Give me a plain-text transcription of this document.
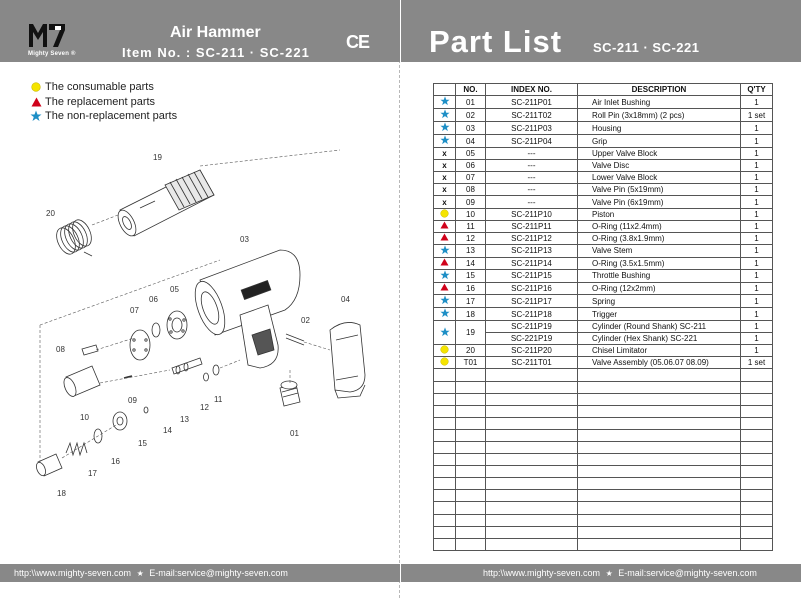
Mighty Seven ®
Air Hammer
Item No. : SC-211 · SC-221
CE
The consumable parts
The replacement parts
The non-replacement parts
19
20
03
06
05
07
04
02
08
09
10	13
12
11
14
15
16
17
18
01
http:\\www.mighty-seven.com ★ E-mail:service@mighty-seven.com
Part List SC-211 · SC-221
	NO.	INDEX NO.	DESCRIPTION	Q'TY
	01	SC-211P01	Air Inlet Bushing	1
	02	SC-211T02	Roll Pin (3x18mm) (2 pcs)	1 set
	03	SC-211P03	Housing	1
	04	SC-211P04	Grip	1
x	05	---	Upper Valve Block	1
x	06	---	Valve Disc	1
x	07	---	Lower Valve Block	1
x	08	---	Valve Pin (5x19mm)	1
x	09	---	Valve Pin (6x19mm)	1
	10	SC-211P10	Piston	1
	11	SC-211P11	O-Ring (11x2.4mm)	1
	12	SC-211P12	O-Ring (3.8x1.9mm)	1
	13	SC-211P13	Valve Stem	1
	14	SC-211P14	O-Ring (3.5x1.5mm)	1
	15	SC-211P15	Throttle Bushing	1
	16	SC-211P16	O-Ring (12x2mm)	1
	17	SC-211P17	Spring	1
	18	SC-211P18	Trigger	1
	19	SC-211P19	Cylinder (Round Shank) SC-211	1
		SC-221P19	Cylinder (Hex Shank) SC-221	1
	20	SC-211P20	Chisel Limitator	1
	T01	SC-211T01	Valve Assembly (05.06.07 08.09)	1 set

http:\\www.mighty-seven.com ★ E-mail:service@mighty-seven.com
